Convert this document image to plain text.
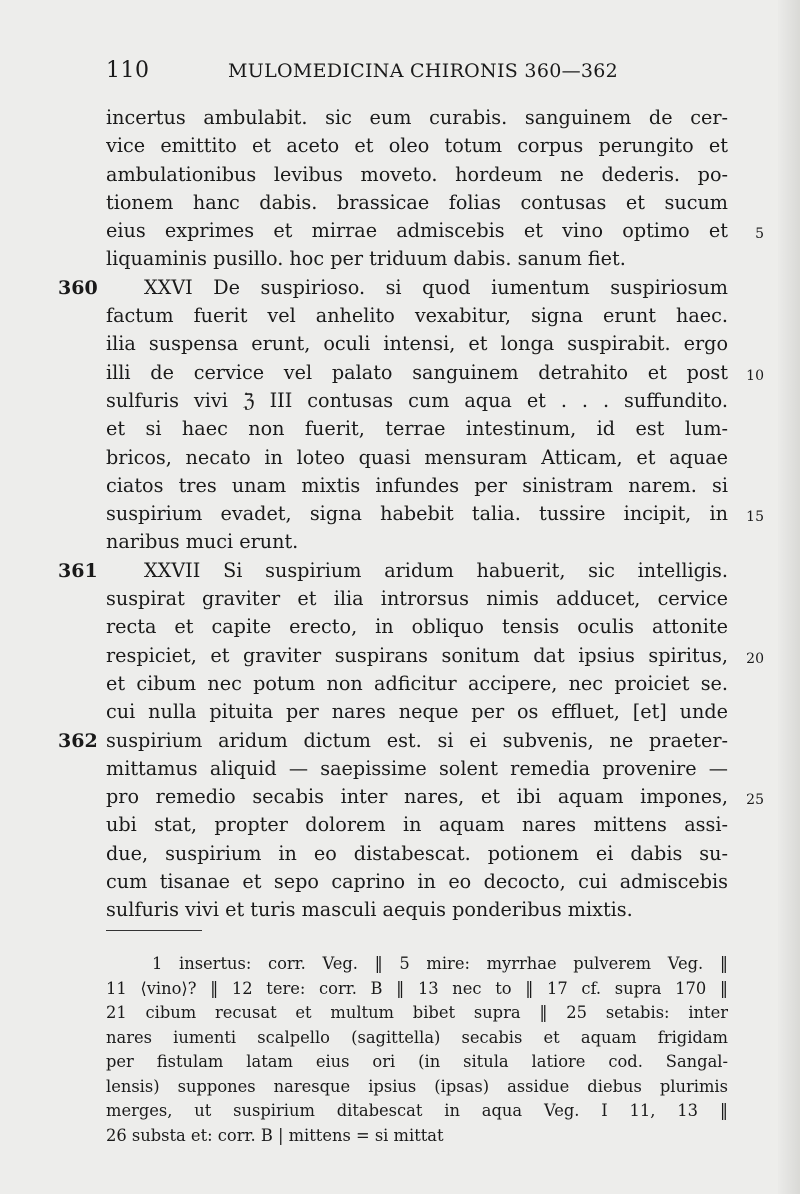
110	MULOMEDICINA CHIRONIS 360—362
incertus ambulabit. sic eum curabis. sanguinem de cer-
vice emittito et aceto et oleo totum corpus perungito et
ambulationibus levibus moveto. hordeum ne dederis. po-
tionem hanc dabis. brassicae folias contusas et sucum
eius exprimes et mirrae admiscebis et vino optimo et 5
liquaminis pusillo. hoc per triduum dabis. sanum fiet.
360	XXVI De suspirioso. si quod iumentum suspiriosum
factum fuerit vel anhelito vexabitur, signa erunt haec.
ilia suspensa erunt, oculi intensi, et longa suspirabit. ergo
illi de cervice vel palato sanguinem detrahito et post 10
sulfuris vivi ℨ III contusas cum aqua et . . . suffundito.
et si haec non fuerit, terrae intestinum, id est lum-
bricos, necato in loteo quasi mensuram Atticam, et aquae
ciatos tres unam mixtis infundes per sinistram narem. si
suspirium evadet, signa habebit talia. tussire incipit, in 15
naribus muci erunt.
361	XXVII Si suspirium aridum habuerit, sic intelligis.
suspirat graviter et ilia introrsus nimis adducet, cervice
recta et capite erecto, in obliquo tensis oculis attonite
respiciet, et graviter suspirans sonitum dat ipsius spiritus, 20
et cibum nec potum non adficitur accipere, nec proiciet se.
cui nulla pituita per nares neque per os effluet, [et] unde
362 suspirium aridum dictum est. si ei subvenis, ne praeter-
mittamus aliquid — saepissime solent remedia provenire —
pro remedio secabis inter nares, et ibi aquam impones, 25
ubi stat, propter dolorem in aquam nares mittens assi-
due, suspirium in eo distabescat. potionem ei dabis su-
cum tisanae et sepo caprino in eo decocto, cui admiscebis
sulfuris vivi et turis masculi aequis ponderibus mixtis.
1 insertus: corr. Veg. ‖ 5 mire: myrrhae pulverem Veg. ‖
11 ⟨vino⟩? ‖ 12 tere: corr. B ‖ 13 nec to ‖ 17 cf. supra 170 ‖
21 cibum recusat et multum bibet supra ‖ 25 setabis: inter
nares iumenti scalpello (sagittella) secabis et aquam frigidam
per fistulam latam eius ori (in situla latiore cod. Sangal-
lensis) suppones naresque ipsius (ipsas) assidue diebus plurimis
merges, ut suspirium ditabescat in aqua Veg. I 11, 13 ‖
26 substa et: corr. B | mittens = si mittat
